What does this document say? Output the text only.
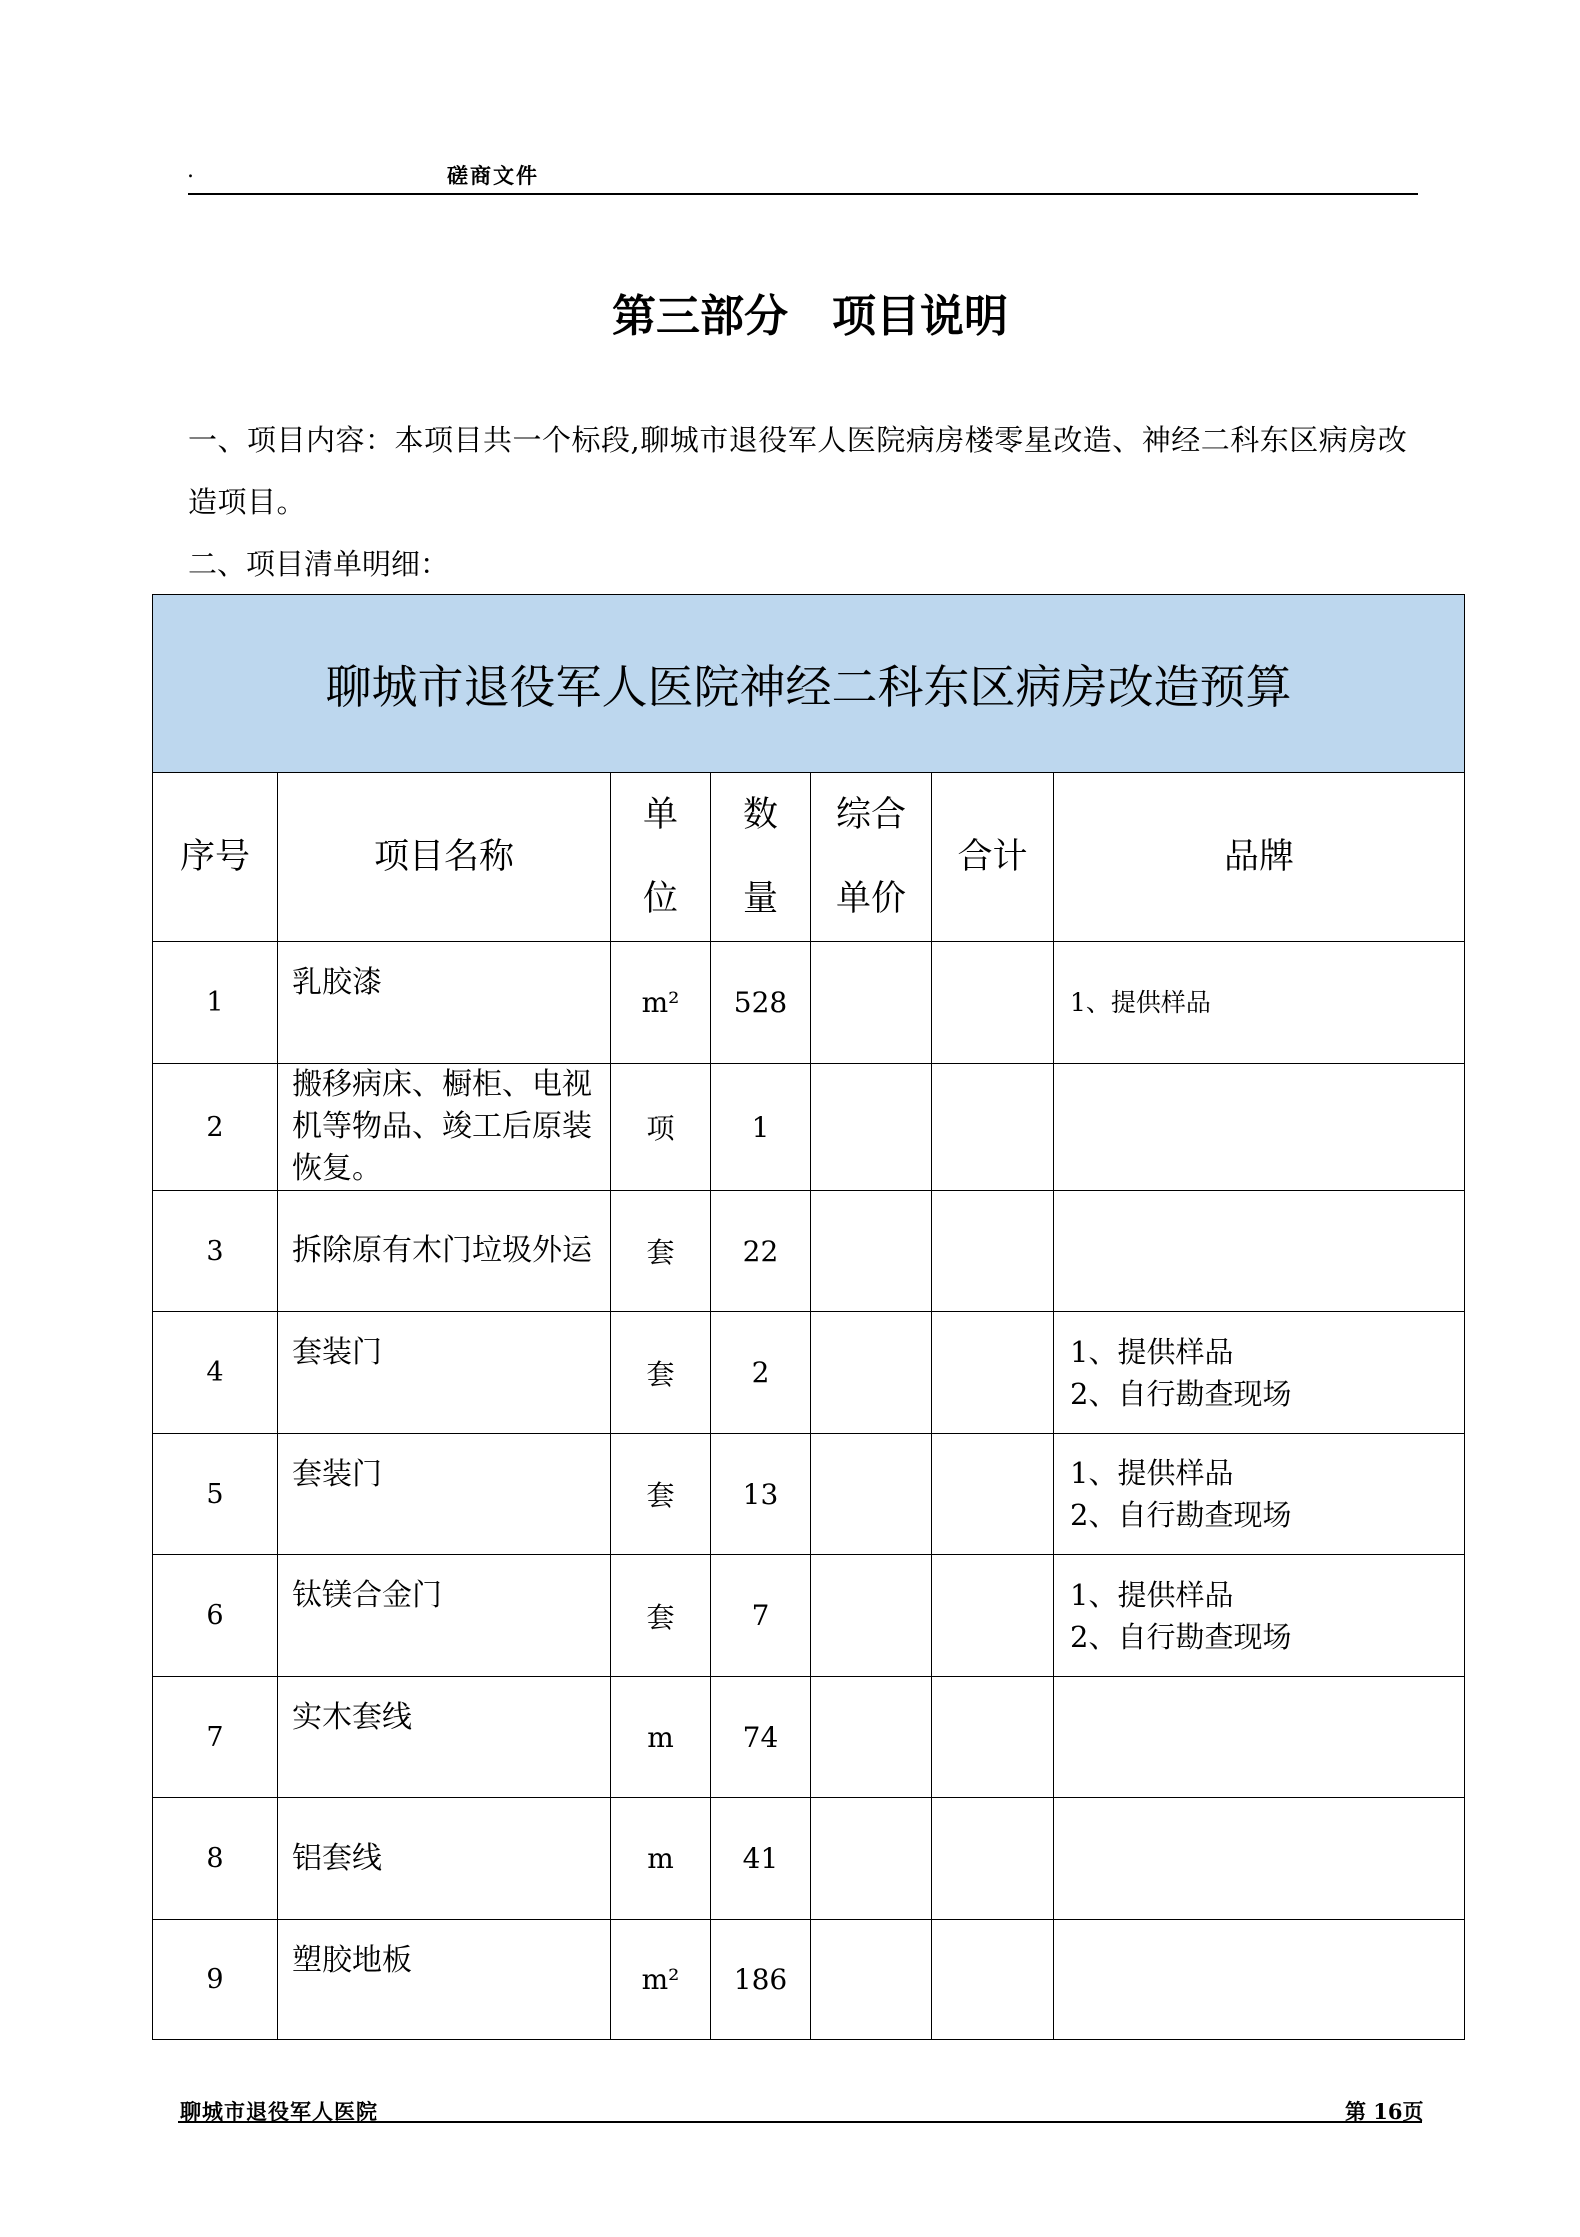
.	磋商文件
第三部分　项目说明
一、项目内容：本项目共一个标段,聊城市退役军人医院病房楼零星改造、神经二科东区病房改造项目。
二、项目清单明细：
聊城市退役军人医院神经二科东区病房改造预算						
序号	项目名称	单位	数量	综合单价	合计	品牌
1	乳胶漆	m²	528			1、提供样品
2	搬移病床、橱柜、电视机等物品、竣工后原装恢复。	项	1			
3	拆除原有木门垃圾外运	套	22			
4	套装门	套	2			1、提供样品
2、自行勘查现场
5	套装门	套	13			1、提供样品
2、自行勘查现场
6	钛镁合金门	套	7			1、提供样品
2、自行勘查现场
7	实木套线	m	74			
8	铝套线	m	41			
9	塑胶地板	m²	186			
聊城市退役军人医院	第 16页
